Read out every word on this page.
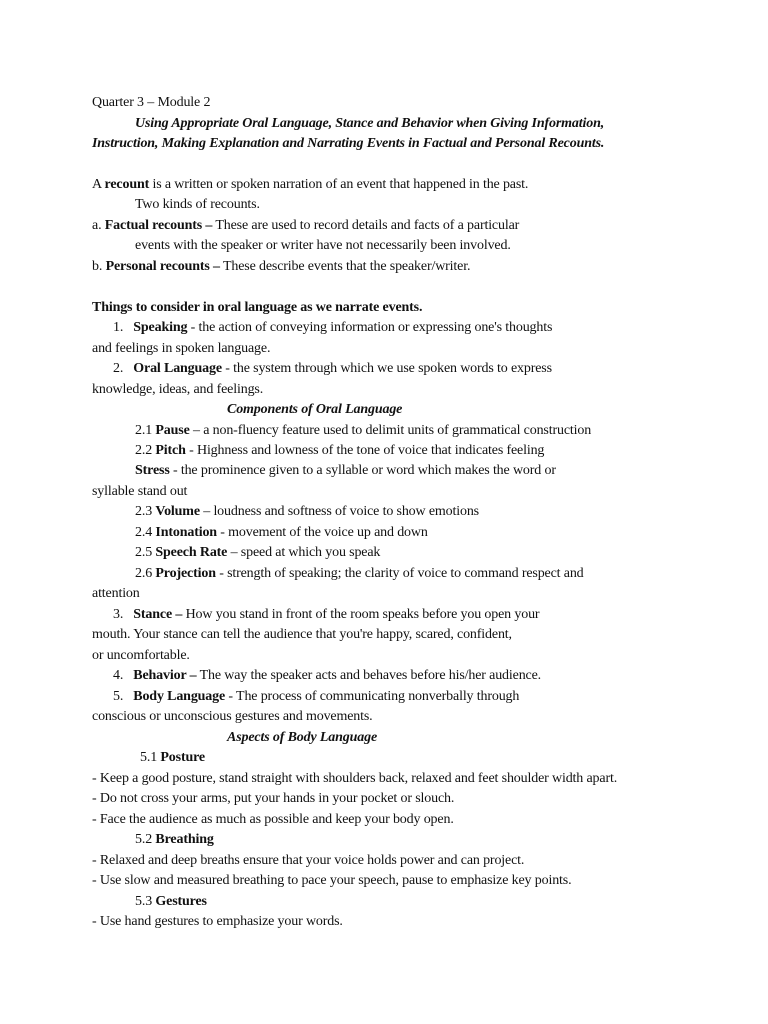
Quarter 3 – Module 2
Using Appropriate Oral Language, Stance and Behavior when Giving Information,
Instruction, Making Explanation and Narrating Events in Factual and Personal Recounts.
A recount is a written or spoken narration of an event that happened in the past.
Two kinds of recounts.
a. Factual recounts – These are used to record details and facts of a particular
events with the speaker or writer have not necessarily been involved.
b. Personal recounts – These describe events that the speaker/writer.
Things to consider in oral language as we narrate events.
1. Speaking - the action of conveying information or expressing one's thoughts
and feelings in spoken language.
2. Oral Language - the system through which we use spoken words to express
knowledge, ideas, and feelings.
Components of Oral Language
2.1 Pause – a non-fluency feature used to delimit units of grammatical construction
2.2 Pitch - Highness and lowness of the tone of voice that indicates feeling
Stress - the prominence given to a syllable or word which makes the word or
syllable stand out
2.3 Volume – loudness and softness of voice to show emotions
2.4 Intonation - movement of the voice up and down
2.5 Speech Rate – speed at which you speak
2.6 Projection - strength of speaking; the clarity of voice to command respect and
attention
3. Stance – How you stand in front of the room speaks before you open your
mouth. Your stance can tell the audience that you're happy, scared, confident,
or uncomfortable.
4. Behavior – The way the speaker acts and behaves before his/her audience.
5. Body Language - The process of communicating nonverbally through
conscious or unconscious gestures and movements.
Aspects of Body Language
5.1 Posture
- Keep a good posture, stand straight with shoulders back, relaxed and feet shoulder width apart.
- Do not cross your arms, put your hands in your pocket or slouch.
- Face the audience as much as possible and keep your body open.
5.2 Breathing
- Relaxed and deep breaths ensure that your voice holds power and can project.
- Use slow and measured breathing to pace your speech, pause to emphasize key points.
5.3 Gestures
- Use hand gestures to emphasize your words.
